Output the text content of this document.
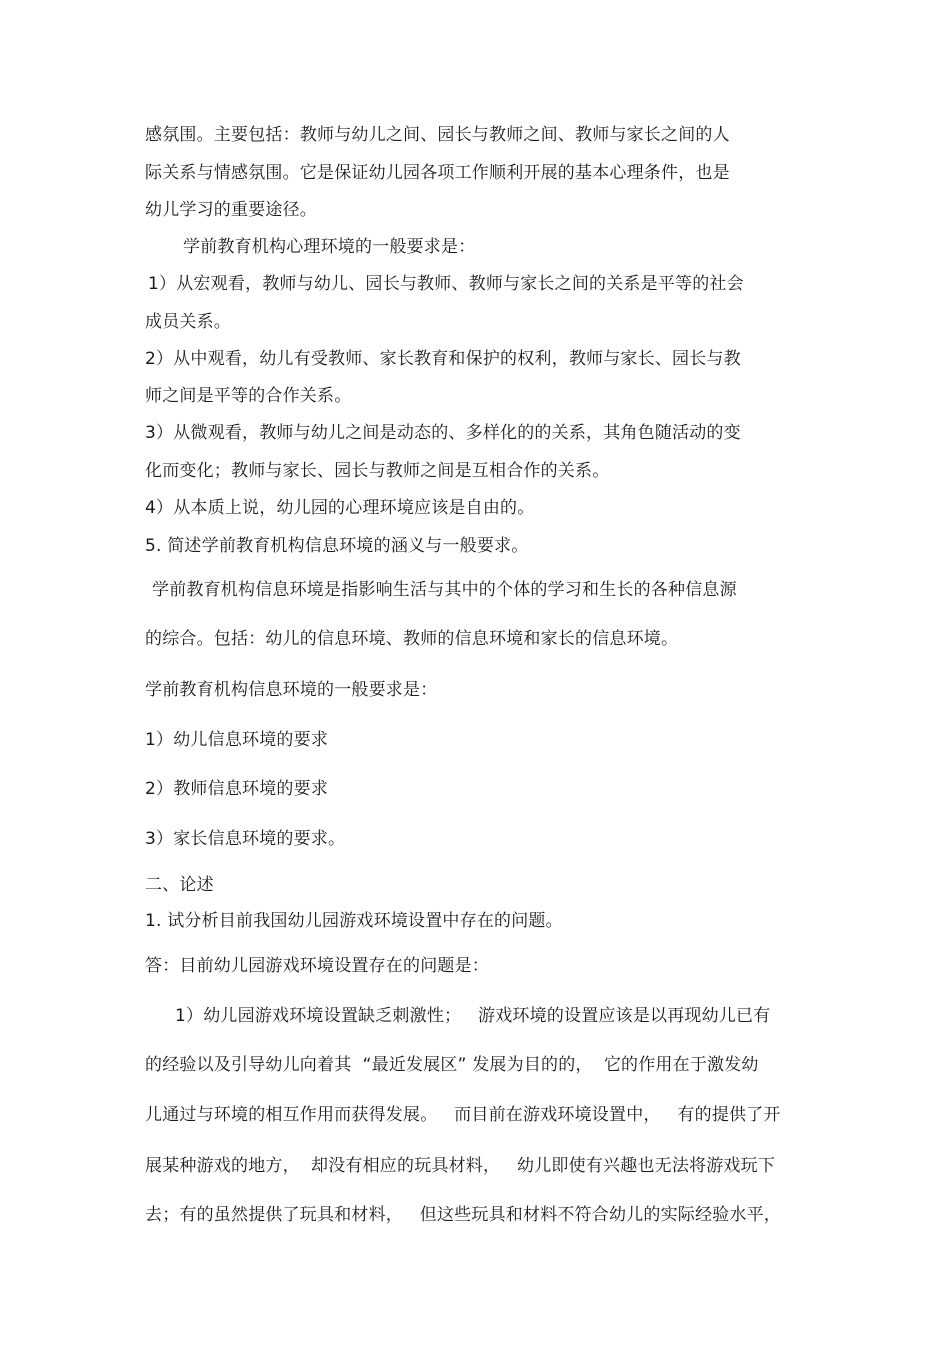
感氛围。主要包括：教师与幼儿之间、园长与教师之间、教师与家长之间的人
际关系与情感氛围。它是保证幼儿园各项工作顺利开展的基本心理条件，也是
幼儿学习的重要途径。
学前教育机构心理环境的一般要求是：
1）从宏观看，教师与幼儿、园长与教师、教师与家长之间的关系是平等的社会
成员关系。
2）从中观看，幼儿有受教师、家长教育和保护的权利，教师与家长、园长与教
师之间是平等的合作关系。
3）从微观看，教师与幼儿之间是动态的、多样化的的关系，其角色随活动的变
化而变化；教师与家长、园长与教师之间是互相合作的关系。
4）从本质上说，幼儿园的心理环境应该是自由的。
5. 简述学前教育机构信息环境的涵义与一般要求。
学前教育机构信息环境是指影响生活与其中的个体的学习和生长的各种信息源
的综合。包括：幼儿的信息环境、教师的信息环境和家长的信息环境。
学前教育机构信息环境的一般要求是：
1）幼儿信息环境的要求
2）教师信息环境的要求
3）家长信息环境的要求。
二、论述
1. 试分析目前我国幼儿园游戏环境设置中存在的问题。
答：目前幼儿园游戏环境设置存在的问题是：
1）幼儿园游戏环境设置缺乏刺激性；   游戏环境的设置应该是以再现幼儿已有
的经验以及引导幼儿向着其  “最近发展区” 发展为目的的，  它的作用在于激发幼
儿通过与环境的相互作用而获得发展。   而目前在游戏环境设置中，   有的提供了开
展某种游戏的地方，  却没有相应的玩具材料，   幼儿即使有兴趣也无法将游戏玩下
去；有的虽然提供了玩具和材料，   但这些玩具和材料不符合幼儿的实际经验水平，
